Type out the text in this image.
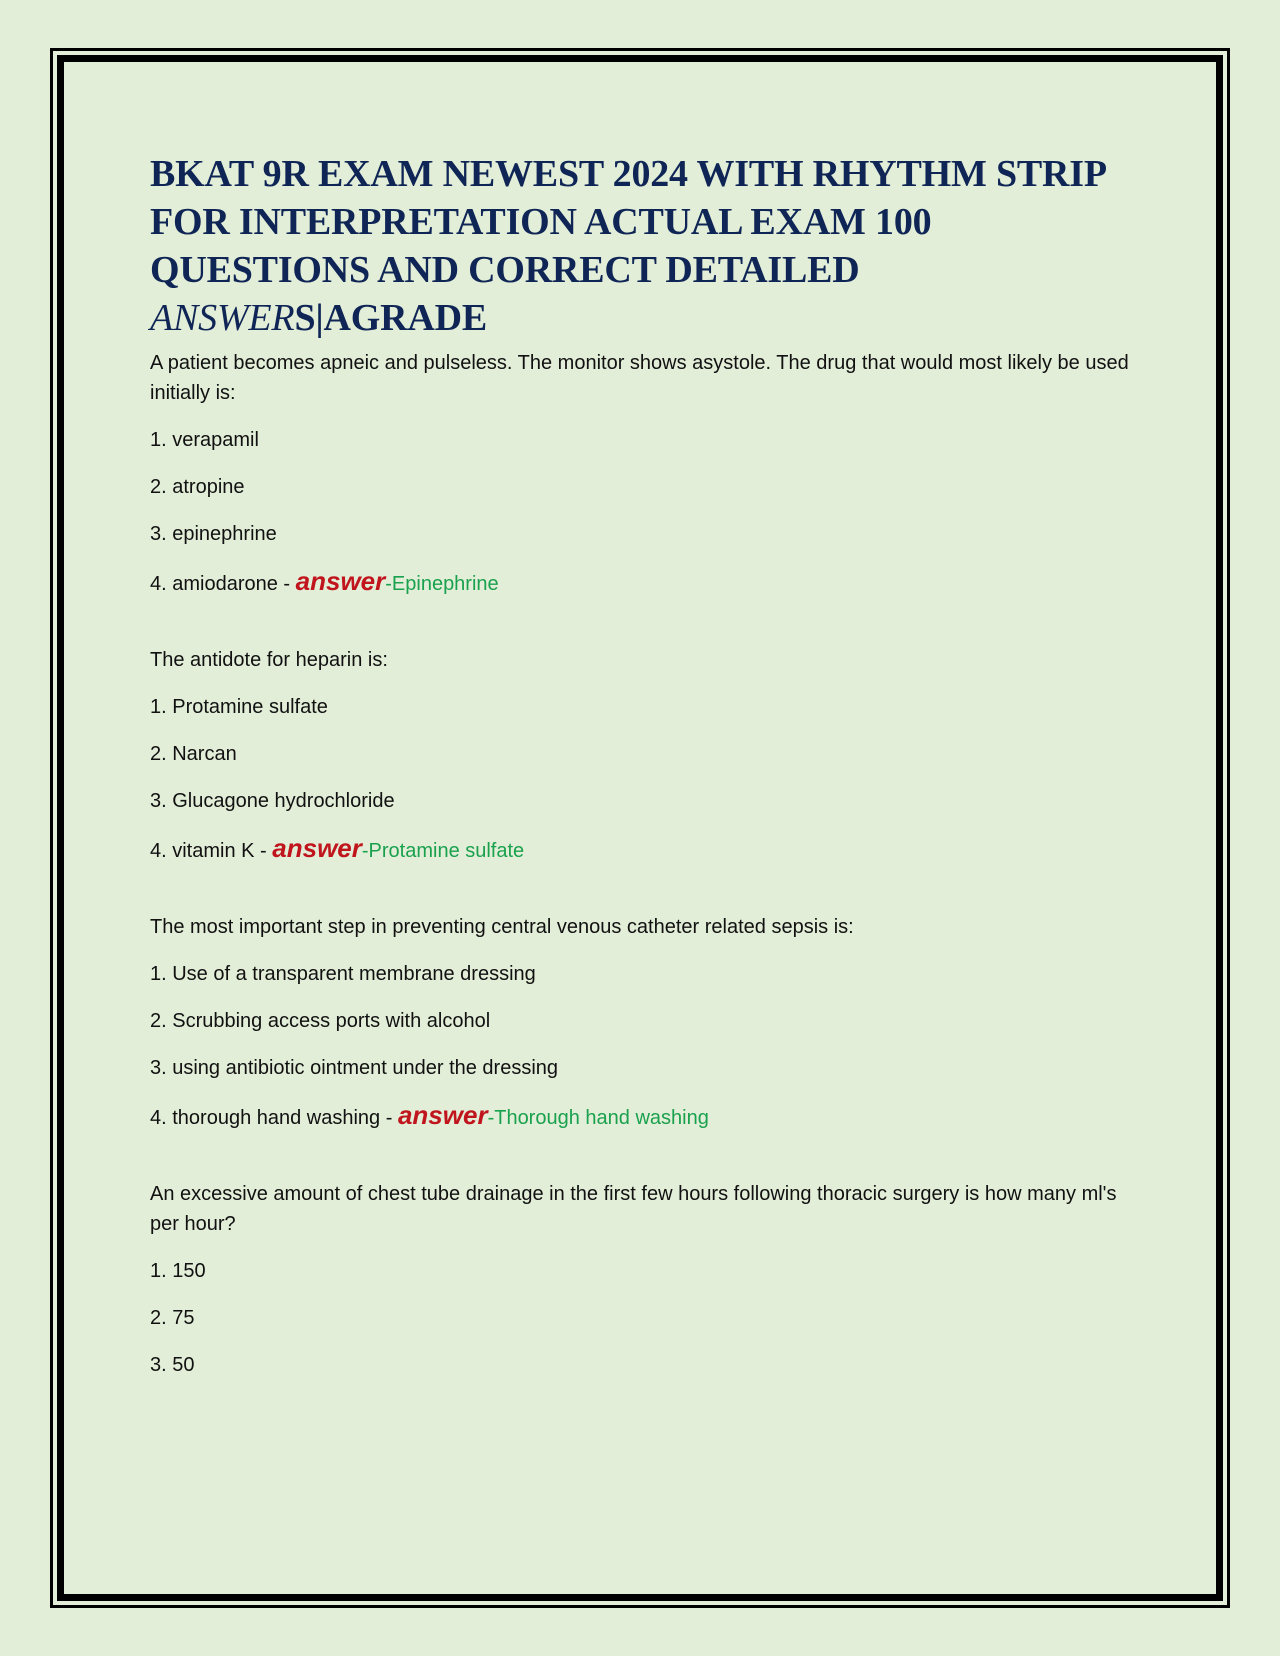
BKAT 9R EXAM NEWEST 2024 WITH RHYTHM STRIP
FOR INTERPRETATION ACTUAL EXAM 100
QUESTIONS AND CORRECT DETAILED
ANSWERS|AGRADE

A patient becomes apneic and pulseless. The monitor shows asystole. The drug that would most likely be used initially is:

1. verapamil
2. atropine
3. epinephrine
4. amiodarone - answer-Epinephrine

The antidote for heparin is:

1. Protamine sulfate
2. Narcan
3. Glucagone hydrochloride
4. vitamin K - answer-Protamine sulfate

The most important step in preventing central venous catheter related sepsis is:

1. Use of a transparent membrane dressing
2. Scrubbing access ports with alcohol
3. using antibiotic ointment under the dressing
4. thorough hand washing - answer-Thorough hand washing

An excessive amount of chest tube drainage in the first few hours following thoracic surgery is how many ml's per hour?

1. 150
2. 75
3. 50
